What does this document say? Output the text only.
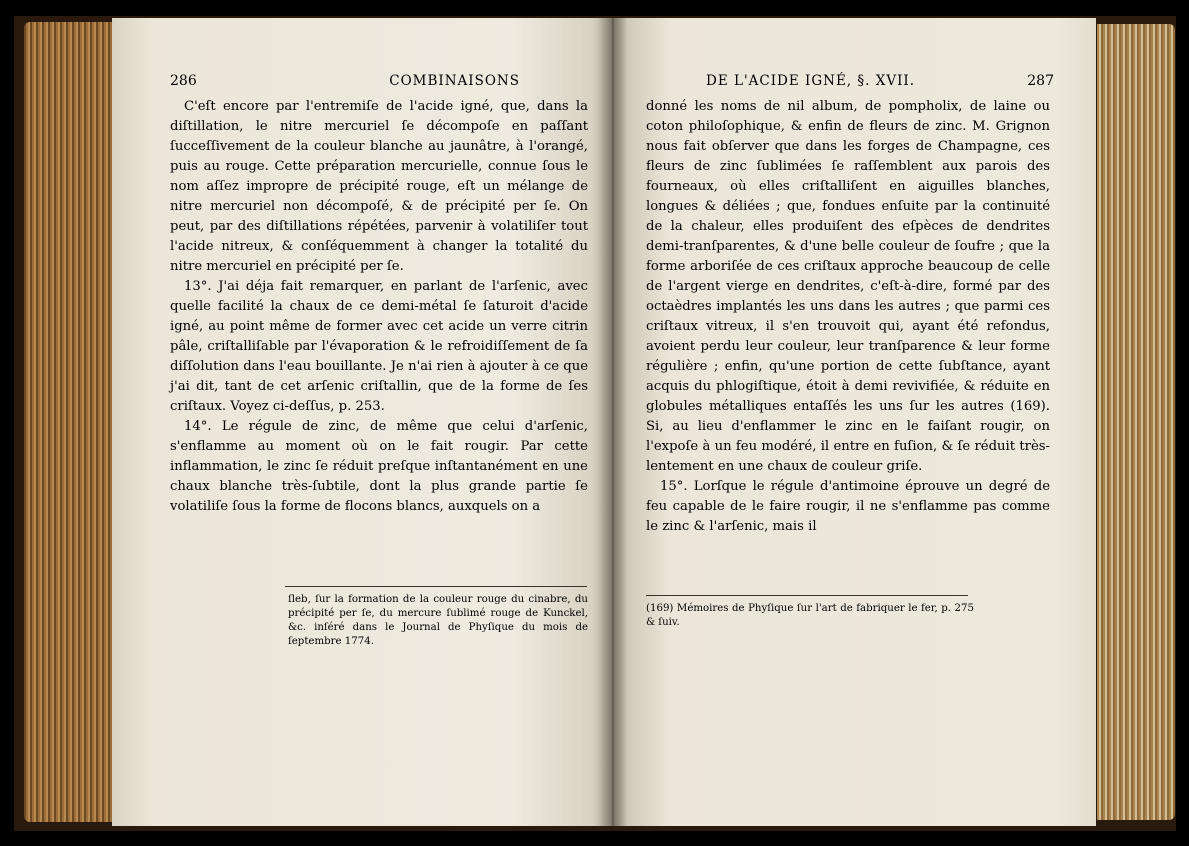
286	COMBINAISONS

C'eſt encore par l'entremiſe de l'acide igné, que, dans la diſtillation, le nitre mercuriel ſe décompoſe en paſſant ſucceſſivement de la couleur blanche au jaunâtre, à l'orangé, puis au rouge. Cette préparation mercurielle, connue ſous le nom aſſez impropre de précipité rouge, eſt un mélange de nitre mercuriel non décompoſé, & de précipité per ſe. On peut, par des diſtillations répétées, parvenir à volatiliſer tout l'acide nitreux, & conſéquemment à changer la totalité du nitre mercuriel en précipité per ſe.

13°. J'ai déja fait remarquer, en parlant de l'arſenic, avec quelle facilité la chaux de ce demi-métal ſe ſaturoit d'acide igné, au point même de former avec cet acide un verre citrin pâle, criſtalliſable par l'évaporation & le refroidiſſement de ſa diſſolution dans l'eau bouillante. Je n'ai rien à ajouter à ce que j'ai dit, tant de cet arſenic criſtallin, que de la forme de ſes criſtaux. Voyez ci-deſſus, p. 253.

14°. Le régule de zinc, de même que celui d'arſenic, s'enflamme au moment où on le fait rougir. Par cette inflammation, le zinc ſe réduit preſque inſtantanément en une chaux blanche très-ſubtile, dont la plus grande partie ſe volatiliſe ſous la forme de flocons blancs, auxquels on a

ſleb, ſur la formation de la couleur rouge du cinabre, du précipité per ſe, du mercure ſublimé rouge de Kunckel, &c. inſéré dans le Journal de Phyſique du mois de ſeptembre 1774.
DE L'ACIDE IGNÉ, §. XVII.	287

donné les noms de nil album, de pompholix, de laine ou coton philoſophique, & enfin de fleurs de zinc. M. Grignon nous fait obſerver que dans les forges de Champagne, ces fleurs de zinc ſublimées ſe raſſemblent aux parois des fourneaux, où elles criſtalliſent en aiguilles blanches, longues & déliées ; que, fondues enſuite par la continuité de la chaleur, elles produiſent des eſpèces de dendrites demi-tranſparentes, & d'une belle couleur de ſoufre ; que la forme arboriſée de ces criſtaux approche beaucoup de celle de l'argent vierge en dendrites, c'eſt-à-dire, formé par des octaèdres implantés les uns dans les autres ; que parmi ces criſtaux vitreux, il s'en trouvoit qui, ayant été refondus, avoient perdu leur couleur, leur tranſparence & leur forme régulière ; enfin, qu'une portion de cette ſubſtance, ayant acquis du phlogiſtique, étoit à demi revivifiée, & réduite en globules métalliques entaſſés les uns ſur les autres (169). Si, au lieu d'enflammer le zinc en le faiſant rougir, on l'expoſe à un feu modéré, il entre en fuſion, & ſe réduit très-lentement en une chaux de couleur griſe.

15°. Lorſque le régule d'antimoine éprouve un degré de feu capable de le faire rougir, il ne s'enflamme pas comme le zinc & l'arſenic, mais il

(169) Mémoires de Phyſique ſur l'art de fabriquer le fer, p. 275 & ſuiv.
